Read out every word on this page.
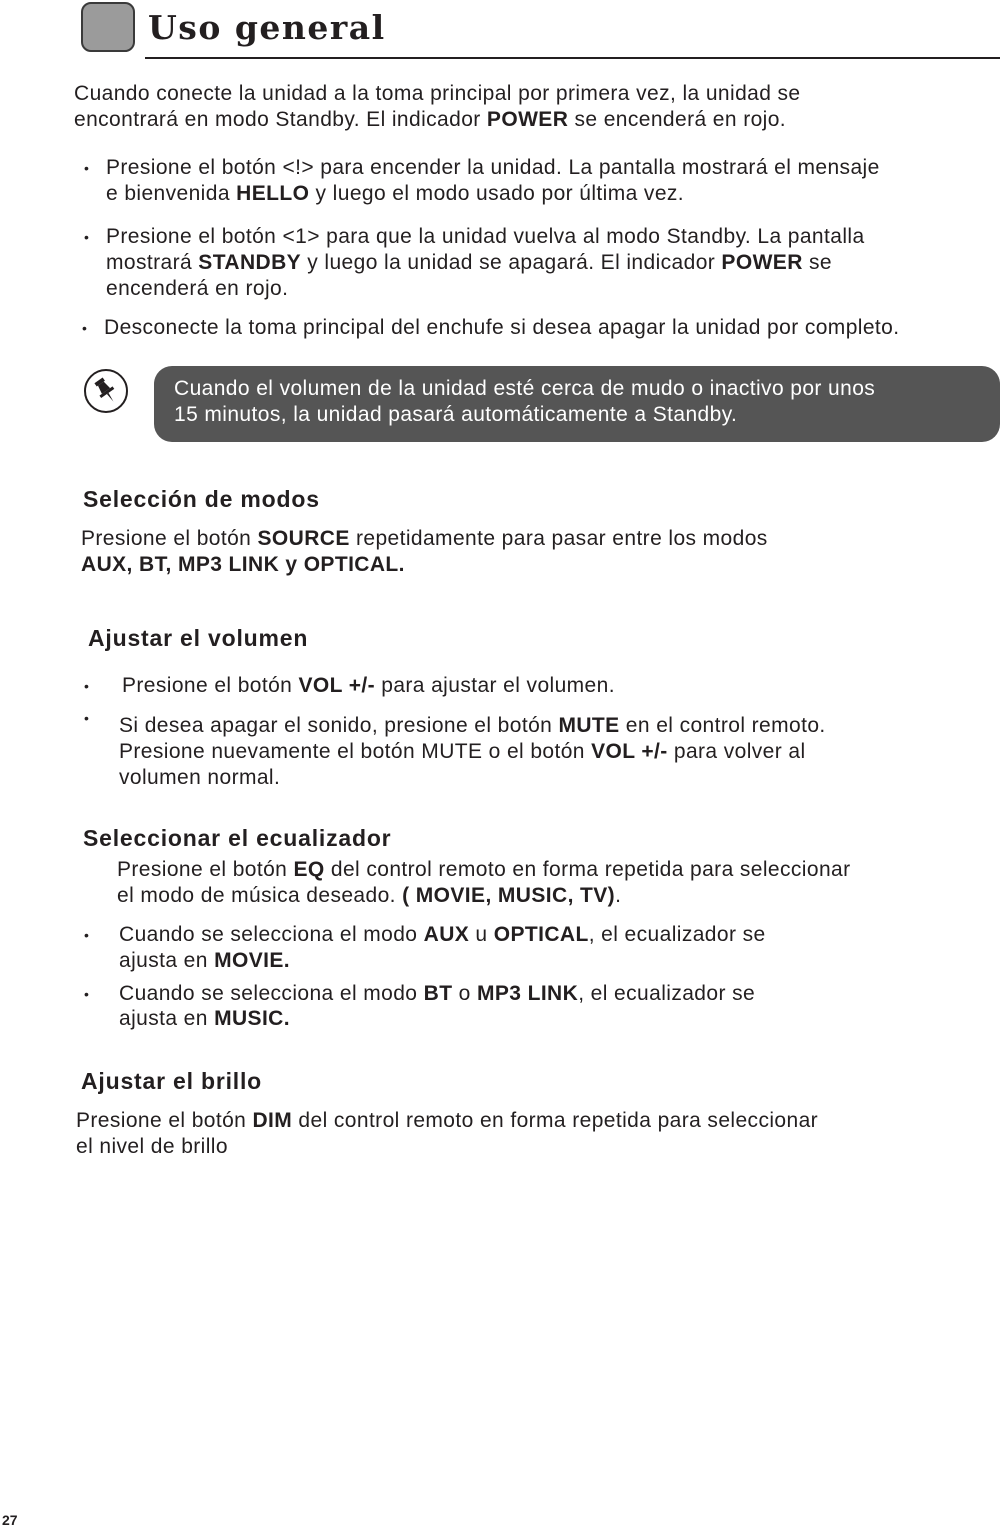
Uso general
Cuando conecte la unidad a la toma principal por primera vez, la unidad se
encontrará en modo Standby. El indicador POWER se encenderá en rojo.
• Presione el botón <!> para encender la unidad. La pantalla mostrará el mensaje
e bienvenida HELLO y luego el modo usado por última vez.
• Presione el botón <1> para que la unidad vuelva al modo Standby. La pantalla
mostrará STANDBY y luego la unidad se apagará. El indicador POWER se
encenderá en rojo.
• Desconecte la toma principal del enchufe si desea apagar la unidad por completo.
Cuando el volumen de la unidad esté cerca de mudo o inactivo por unos
15 minutos, la unidad pasará automáticamente a Standby.
Selección de modos
Presione el botón SOURCE repetidamente para pasar entre los modos
AUX, BT, MP3 LINK y OPTICAL.
Ajustar el volumen
• Presione el botón VOL +/- para ajustar el volumen.
• Si desea apagar el sonido, presione el botón MUTE en el control remoto.
Presione nuevamente el botón MUTE o el botón VOL +/- para volver al
volumen normal.
Seleccionar el ecualizador
Presione el botón EQ del control remoto en forma repetida para seleccionar
el modo de música deseado. ( MOVIE, MUSIC, TV).
• Cuando se selecciona el modo AUX u OPTICAL, el ecualizador se
ajusta en MOVIE.
• Cuando se selecciona el modo BT o MP3 LINK, el ecualizador se
ajusta en MUSIC.
Ajustar el brillo
Presione el botón DIM del control remoto en forma repetida para seleccionar
el nivel de brillo
27
